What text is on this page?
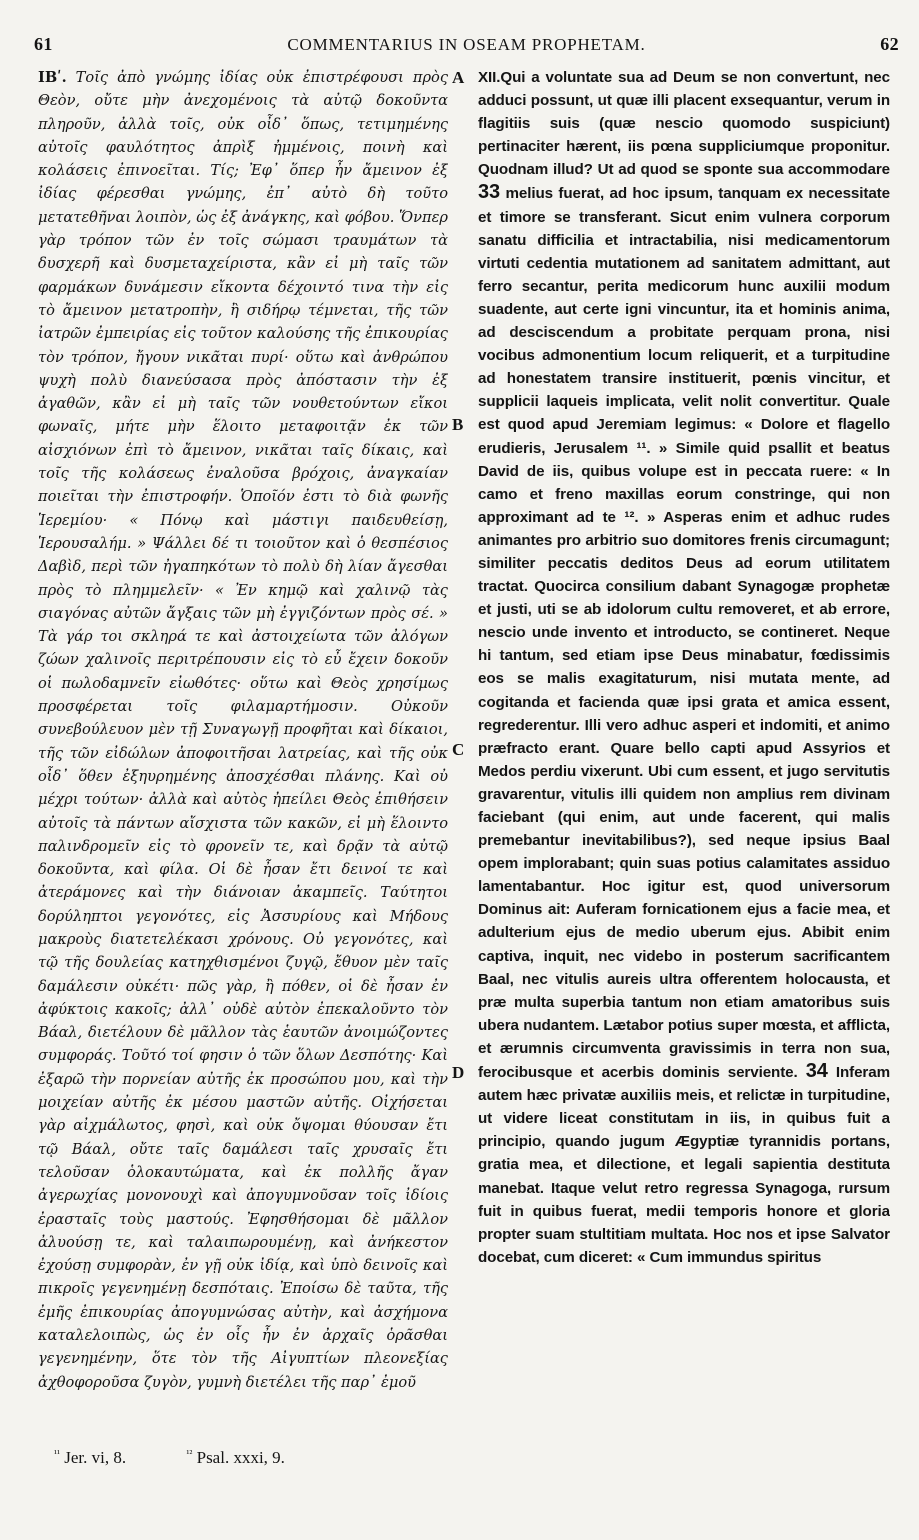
61	COMMENTARIUS IN OSEAM PROPHETAM.	62

ΙΒʹ. Τοῖς ἀπὸ γνώμης ἰδίας οὐκ ἐπιστρέφουσι πρὸς Θεὸν, οὔτε μὴν ἀνεχομένοις τὰ αὐτῷ δοκοῦντα πληροῦν, ἀλλὰ τοῖς, οὐκ οἶδ᾽ ὅπως, τετιμημένης αὐτοῖς φαυλότητος ἀπρὶξ ἠμμένοις, ποινὴ καὶ κολάσεις ἐπινοεῖται. Τίς; Ἐφ᾽ ὅπερ ἦν ἄμεινον ἐξ ἰδίας φέρεσθαι γνώμης, ἐπ᾽ αὐτὸ δὴ τοῦτο μετατεθῆναι λοιπὸν, ὡς ἐξ ἀνάγκης, καὶ φόβου. Ὅνπερ γὰρ τρόπον τῶν ἐν τοῖς σώμασι τραυμάτων τὰ δυσχερῆ καὶ δυσμεταχείριστα, κἂν εἰ μὴ ταῖς τῶν φαρμάκων δυνάμεσιν εἴκοντα δέχοιντό τινα τὴν εἰς τὸ ἄμεινον μετατροπὴν, ἢ σιδήρῳ τέμνεται, τῆς τῶν ἰατρῶν ἐμπειρίας εἰς τοῦτον καλούσης τῆς ἐπικουρίας τὸν τρόπον, ἤγουν νικᾶται πυρί· οὕτω καὶ ἀνθρώπου ψυχὴ πολὺ διανεύσασα πρὸς ἀπόστασιν τὴν ἐξ ἀγαθῶν, κἂν εἰ μὴ ταῖς τῶν νουθετούντων εἴκοι φωναῖς, μήτε μὴν ἕλοιτο μεταφοιτᾷν ἐκ τῶν αἰσχιόνων ἐπὶ τὸ ἄμεινον, νικᾶται ταῖς δίκαις, καὶ τοῖς τῆς κολάσεως ἐναλοῦσα βρόχοις, ἀναγκαίαν ποιεῖται τὴν ἐπιστροφήν. Ὁποῖόν ἐστι τὸ διὰ φωνῆς Ἱερεμίου· « Πόνῳ καὶ μάστιγι παιδευθείσῃ, Ἱερουσαλήμ. » Ψάλλει δέ τι τοιοῦτον καὶ ὁ θεσπέσιος Δαβὶδ, περὶ τῶν ἠγαπηκότων τὸ πολὺ δὴ λίαν ἄγεσθαι πρὸς τὸ πλημμελεῖν· « Ἐν κημῷ καὶ χαλινῷ τὰς σιαγόνας αὐτῶν ἄγξαις τῶν μὴ ἐγγιζόντων πρὸς σέ. » Τὰ γάρ τοι σκληρά τε καὶ ἀστοιχείωτα τῶν ἀλόγων ζώων χαλινοῖς περιτρέπουσιν εἰς τὸ εὖ ἔχειν δοκοῦν οἱ πωλοδαμνεῖν εἰωθότες· οὕτω καὶ Θεὸς χρησίμως προσφέρεται τοῖς φιλαμαρτήμοσιν. Οὐκοῦν συνεβούλευον μὲν τῇ Συναγωγῇ προφῆται καὶ δίκαιοι, τῆς τῶν εἰδώλων ἀποφοιτῆσαι λατρείας, καὶ τῆς οὐκ οἶδ᾽ ὅθεν ἐξηυρημένης ἀποσχέσθαι πλάνης. Καὶ οὐ μέχρι τούτων· ἀλλὰ καὶ αὐτὸς ἠπείλει Θεὸς ἐπιθήσειν αὐτοῖς τὰ πάντων αἴσχιστα τῶν κακῶν, εἰ μὴ ἕλοιντο παλινδρομεῖν εἰς τὸ φρονεῖν τε, καὶ δρᾷν τὰ αὐτῷ δοκοῦντα, καὶ φίλα. Οἱ δὲ ἦσαν ἔτι δεινοί τε καὶ ἀτεράμονες καὶ τὴν διάνοιαν ἀκαμπεῖς. Ταύτητοι δορύληπτοι γεγονότες, εἰς Ἀσσυρίους καὶ Μήδους μακροὺς διατετελέκασι χρόνους. Οὐ γεγονότες, καὶ τῷ τῆς δουλείας κατηχθισμένοι ζυγῷ, ἔθυον μὲν ταῖς δαμάλεσιν οὐκέτι· πῶς γὰρ, ἢ πόθεν, οἱ δὲ ἦσαν ἐν ἀφύκτοις κακοῖς; ἀλλ᾽ οὐδὲ αὐτὸν ἐπεκαλοῦντο τὸν Βάαλ, διετέλουν δὲ μᾶλλον τὰς ἑαυτῶν ἀνοιμώζοντες συμφοράς. Τοῦτό τοί φησιν ὁ τῶν ὅλων Δεσπότης· Καὶ ἐξαρῶ τὴν πορνείαν αὐτῆς ἐκ προσώπου μου, καὶ τὴν μοιχείαν αὐτῆς ἐκ μέσου μαστῶν αὐτῆς. Οἰχήσεται γὰρ αἰχμάλωτος, φησὶ, καὶ οὐκ ὄψομαι θύουσαν ἔτι τῷ Βάαλ, οὔτε ταῖς δαμάλεσι ταῖς χρυσαῖς ἔτι τελοῦσαν ὁλοκαυτώματα, καὶ ἐκ πολλῆς ἄγαν ἀγερωχίας μονονουχὶ καὶ ἀπογυμνοῦσαν τοῖς ἰδίοις ἐρασταῖς τοὺς μαστούς. Ἐφησθήσομαι δὲ μᾶλλον ἀλυούσῃ τε, καὶ ταλαιπωρουμένῃ, καὶ ἀνήκεστον ἐχούσῃ συμφορὰν, ἐν γῇ οὐκ ἰδίᾳ, καὶ ὑπὸ δεινοῖς καὶ πικροῖς γεγενημένῃ δεσπόταις. Ἐποίσω δὲ ταῦτα, τῆς ἐμῆς ἐπικουρίας ἀπογυμνώσας αὐτὴν, καὶ ἀσχήμονα καταλελοιπὼς, ὡς ἐν οἷς ἦν ἐν ἀρχαῖς ὁρᾶσθαι γεγενημένην, ὅτε τὸν τῆς Αἰγυπτίων πλεονεξίας ἀχθοφοροῦσα ζυγὸν, γυμνὴ διετέλει τῆς παρ᾽ ἐμοῦ

A
B
C
D

XII.Qui a voluntate sua ad Deum se non convertunt, nec adduci possunt, ut quæ illi placent exsequantur, verum in flagitiis suis (quæ nescio quomodo suspiciunt) pertinaciter hærent, iis pœna suppliciumque proponitur. Quodnam illud? Ut ad quod se sponte sua accommodare 33 melius fuerat, ad hoc ipsum, tanquam ex necessitate et timore se transferant. Sicut enim vulnera corporum sanatu difficilia et intractabilia, nisi medicamentorum virtuti cedentia mutationem ad sanitatem admittant, aut ferro secantur, perita medicorum hunc auxilii modum suadente, aut certe igni vincuntur, ita et hominis anima, ad desciscendum a probitate perquam prona, nisi vocibus admonentium locum reliquerit, et a turpitudine ad honestatem transire instituerit, pœnis vincitur, et supplicii laqueis implicata, velit nolit convertitur. Quale est quod apud Jeremiam legimus: « Dolore et flagello erudieris, Jerusalem ¹¹. » Simile quid psallit et beatus David de iis, quibus volupe est in peccata ruere: « In camo et freno maxillas eorum constringe, qui non approximant ad te ¹². » Asperas enim et adhuc rudes animantes pro arbitrio suo domitores frenis circumagunt; similiter peccatis deditos Deus ad eorum utilitatem tractat. Quocirca consilium dabant Synagogæ prophetæ et justi, uti se ab idolorum cultu removeret, et ab errore, nescio unde invento et introducto, se contineret. Neque hi tantum, sed etiam ipse Deus minabatur, fœdissimis eos se malis exagitaturum, nisi mutata mente, ad cogitanda et facienda quæ ipsi grata et amica essent, regrederentur. Illi vero adhuc asperi et indomiti, et animo præfracto erant. Quare bello capti apud Assyrios et Medos perdiu vixerunt. Ubi cum essent, et jugo servitutis gravarentur, vitulis illi quidem non amplius rem divinam faciebant (qui enim, aut unde facerent, qui malis premebantur inevitabilibus?), sed neque ipsius Baal opem implorabant; quin suas potius calamitates assiduo lamentabantur. Hoc igitur est, quod universorum Dominus ait: Auferam fornicationem ejus a facie mea, et adulterium ejus de medio uberum ejus. Abibit enim captiva, inquit, nec videbo in posterum sacrificantem Baal, nec vitulis aureis ultra offerentem holocausta, et præ multa superbia tantum non etiam amatoribus suis ubera nudantem. Lætabor potius super mœsta, et afflicta, et ærumnis circumventa gravissimis in terra non sua, ferocibusque et acerbis dominis serviente. 34 Inferam autem hæc privatæ auxiliis meis, et relictæ in turpitudine, ut videre liceat constitutam in iis, in quibus fuit a principio, quando jugum Ægyptiæ tyrannidis portans, gratia mea, et dilectione, et legali sapientia destituta manebat. Itaque velut retro regressa Synagoga, rursum fuit in quibus fuerat, medii temporis honore et gloria propter suam stultitiam multata. Hoc nos et ipse Salvator docebat, cum diceret: « Cum immundus spiritus

$^{^{11}}$ Jer. vi, 8.	$^{^{12}}$ Psal. xxxi, 9.
